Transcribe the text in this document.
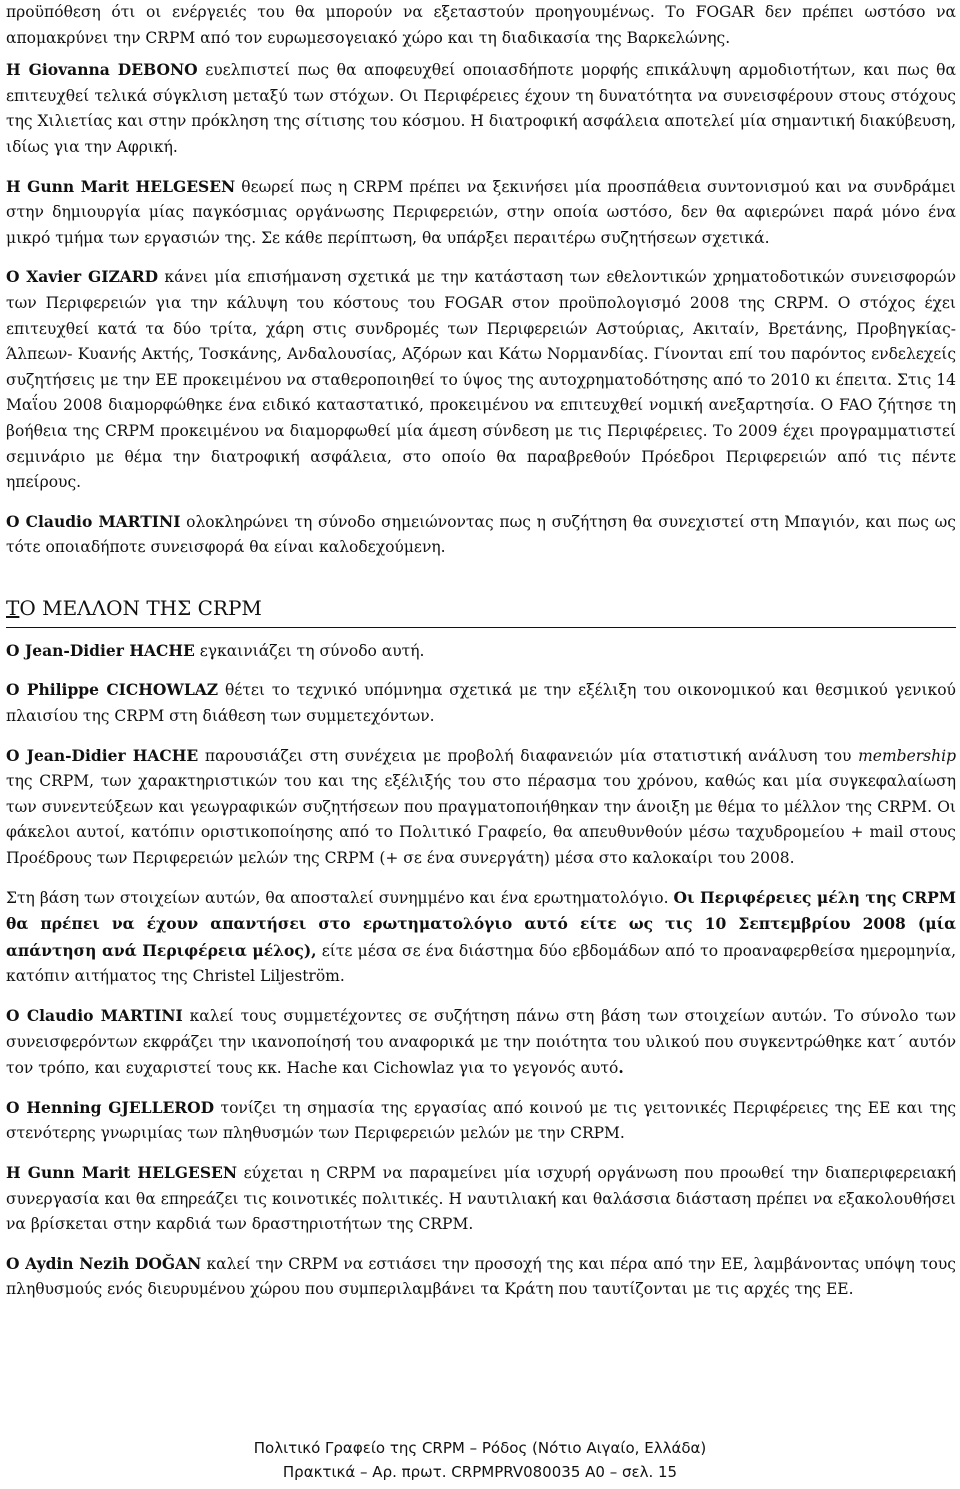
προϋπόθεση ότι οι ενέργειές του θα μπορούν να εξεταστούν προηγουμένως. Το FOGAR δεν πρέπει ωστόσο να απομακρύνει την CRPM από τον ευρωμεσογειακό χώρο και τη διαδικασία της Βαρκελώνης.

Η Giovanna DEBONO ευελπιστεί πως θα αποφευχθεί οποιασδήποτε μορφής επικάλυψη αρμοδιοτήτων, και πως θα επιτευχθεί τελικά σύγκλιση μεταξύ των στόχων. Οι Περιφέρειες έχουν τη δυνατότητα να συνεισφέρουν στους στόχους της Χιλιετίας και στην πρόκληση της σίτισης του κόσμου. Η διατροφική ασφάλεια αποτελεί μία σημαντική διακύβευση, ιδίως για την Αφρική.

Η Gunn Marit HELGESEN θεωρεί πως η CRPM πρέπει να ξεκινήσει μία προσπάθεια συντονισμού και να συνδράμει στην δημιουργία μίας παγκόσμιας οργάνωσης Περιφερειών, στην οποία ωστόσο, δεν θα αφιερώνει παρά μόνο ένα μικρό τμήμα των εργασιών της. Σε κάθε περίπτωση, θα υπάρξει περαιτέρω συζητήσεων σχετικά.

Ο Xavier GIZARD κάνει μία επισήμανση σχετικά με την κατάσταση των εθελοντικών χρηματοδοτικών συνεισφορών των Περιφερειών για την κάλυψη του κόστους του FOGAR στον προϋπολογισμό 2008 της CRPM. Ο στόχος έχει επιτευχθεί κατά τα δύο τρίτα, χάρη στις συνδρομές των Περιφερειών Αστούριας, Ακιταίν, Βρετάνης, Προβηγκίας- Άλπεων- Κυανής Ακτής, Τοσκάνης, Ανδαλουσίας, Αζόρων και Κάτω Νορμανδίας. Γίνονται επί του παρόντος ενδελεχείς συζητήσεις με την ΕΕ προκειμένου να σταθεροποιηθεί το ύψος της αυτοχρηματοδότησης από το 2010 κι έπειτα. Στις 14 Μαΐου 2008 διαμορφώθηκε ένα ειδικό καταστατικό, προκειμένου να επιτευχθεί νομική ανεξαρτησία. Ο FAO ζήτησε τη βοήθεια της CRPM προκειμένου να διαμορφωθεί μία άμεση σύνδεση με τις Περιφέρειες. Το 2009 έχει προγραμματιστεί σεμινάριο με θέμα την διατροφική ασφάλεια, στο οποίο θα παραβρεθούν Πρόεδροι Περιφερειών από τις πέντε ηπείρους.

Ο Claudio MARTINI ολοκληρώνει τη σύνοδο σημειώνοντας πως η συζήτηση θα συνεχιστεί στη Μπαγιόν, και πως ως τότε οποιαδήποτε συνεισφορά θα είναι καλοδεχούμενη.

ΤΟ ΜΕΛΛΟΝ ΤΗΣ CRPM

Ο Jean-Didier HACHE εγκαινιάζει τη σύνοδο αυτή.

Ο Philippe CICHOWLAZ θέτει το τεχνικό υπόμνημα σχετικά με την εξέλιξη του οικονομικού και θεσμικού γενικού πλαισίου της CRPM στη διάθεση των συμμετεχόντων.

Ο Jean-Didier HACHE παρουσιάζει στη συνέχεια με προβολή διαφανειών μία στατιστική ανάλυση του membership της CRPM, των χαρακτηριστικών του και της εξέλιξής του στο πέρασμα του χρόνου, καθώς και μία συγκεφαλαίωση των συνεντεύξεων και γεωγραφικών συζητήσεων που πραγματοποιήθηκαν την άνοιξη με θέμα το μέλλον της CRPM. Οι φάκελοι αυτοί, κατόπιν οριστικοποίησης από το Πολιτικό Γραφείο, θα απευθυνθούν μέσω ταχυδρομείου + mail στους Προέδρους των Περιφερειών μελών της CRPM (+ σε ένα συνεργάτη) μέσα στο καλοκαίρι του 2008.

Στη βάση των στοιχείων αυτών, θα αποσταλεί συνημμένο και ένα ερωτηματολόγιο. Οι Περιφέρειες μέλη της CRPM θα πρέπει να έχουν απαντήσει στο ερωτηματολόγιο αυτό είτε ως τις 10 Σεπτεμβρίου 2008 (μία απάντηση ανά Περιφέρεια μέλος), είτε μέσα σε ένα διάστημα δύο εβδομάδων από το προαναφερθείσα ημερομηνία, κατόπιν αιτήματος της Christel Liljeström.

Ο Claudio MARTINI καλεί τους συμμετέχοντες σε συζήτηση πάνω στη βάση των στοιχείων αυτών. Το σύνολο των συνεισφερόντων εκφράζει την ικανοποίησή του αναφορικά με την ποιότητα του υλικού που συγκεντρώθηκε κατ΄ αυτόν τον τρόπο, και ευχαριστεί τους κκ. Hache και Cichowlaz για το γεγονός αυτό.

Ο Henning GJELLEROD τονίζει τη σημασία της εργασίας από κοινού με τις γειτονικές Περιφέρειες της ΕΕ και της στενότερης γνωριμίας των πληθυσμών των Περιφερειών μελών με την CRPM.

Η Gunn Marit HELGESEN εύχεται η CRPM να παραμείνει μία ισχυρή οργάνωση που προωθεί την διαπεριφερειακή συνεργασία και θα επηρεάζει τις κοινοτικές πολιτικές. Η ναυτιλιακή και θαλάσσια διάσταση πρέπει να εξακολουθήσει να βρίσκεται στην καρδιά των δραστηριοτήτων της CRPM.

Ο Aydin Nezih DOĞAN καλεί την CRPM να εστιάσει την προσοχή της και πέρα από την ΕΕ, λαμβάνοντας υπόψη τους πληθυσμούς ενός διευρυμένου χώρου που συμπεριλαμβάνει τα Κράτη που ταυτίζονται με τις αρχές της ΕΕ.

Πολιτικό Γραφείο της CRPM – Ρόδος (Νότιο Αιγαίο, Ελλάδα)
Πρακτικά – Αρ. πρωτ. CRPMPRV080035 A0 – σελ. 15
